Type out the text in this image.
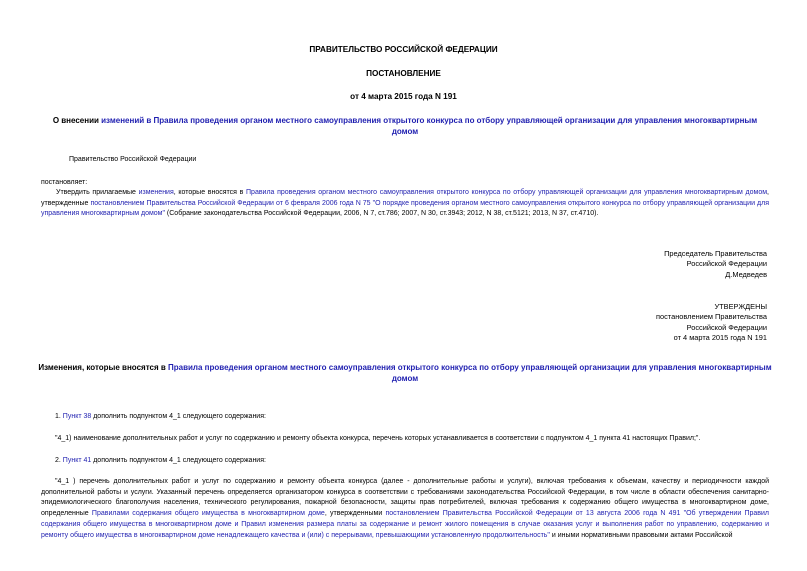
ПРАВИТЕЛЬСТВО РОССИЙСКОЙ ФЕДЕРАЦИИ
ПОСТАНОВЛЕНИЕ
от 4 марта 2015 года N 191
О внесении изменений в Правила проведения органом местного самоуправления открытого конкурса по отбору управляющей организации для управления многоквартирным домом
Правительство Российской Федерации
постановляет:
Утвердить прилагаемые изменения, которые вносятся в Правила проведения органом местного самоуправления открытого конкурса по отбору управляющей организации для управления многоквартирным домом, утвержденные постановлением Правительства Российской Федерации от 6 февраля 2006 года N 75 "О порядке проведения органом местного самоуправления открытого конкурса по отбору управляющей организации для управления многоквартирным домом" (Собрание законодательства Российской Федерации, 2006, N 7, ст.786; 2007, N 30, ст.3943; 2012, N 38, ст.5121; 2013, N 37, ст.4710).
Председатель Правительства
Российской Федерации
Д.Медведев
УТВЕРЖДЕНЫ
постановлением Правительства
Российской Федерации
от 4 марта 2015 года N 191
Изменения, которые вносятся в Правила проведения органом местного самоуправления открытого конкурса по отбору управляющей организации для управления многоквартирным домом
1. Пункт 38 дополнить подпунктом 4_1 следующего содержания:
"4_1) наименование дополнительных работ и услуг по содержанию и ремонту объекта конкурса, перечень которых устанавливается в соответствии с подпунктом 4_1 пункта 41 настоящих Правил;".
2. Пункт 41 дополнить подпунктом 4_1 следующего содержания:
"4_1 ) перечень дополнительных работ и услуг по содержанию и ремонту объекта конкурса (далее - дополнительные работы и услуги), включая требования к объемам, качеству и периодичности каждой дополнительной работы и услуги. Указанный перечень определяется организатором конкурса в соответствии с требованиями законодательства Российской Федерации, в том числе в области обеспечения санитарно-эпидемиологического благополучия населения, технического регулирования, пожарной безопасности, защиты прав потребителей, включая требования к содержанию общего имущества в многоквартирном доме, определенные Правилами содержания общего имущества в многоквартирном доме, утвержденными постановлением Правительства Российской Федерации от 13 августа 2006 года N 491 "Об утверждении Правил содержания общего имущества в многоквартирном доме и Правил изменения размера платы за содержание и ремонт жилого помещения в случае оказания услуг и выполнения работ по управлению, содержанию и ремонту общего имущества в многоквартирном доме ненадлежащего качества и (или) с перерывами, превышающими установленную продолжительность" и иными нормативными правовыми актами Российской
